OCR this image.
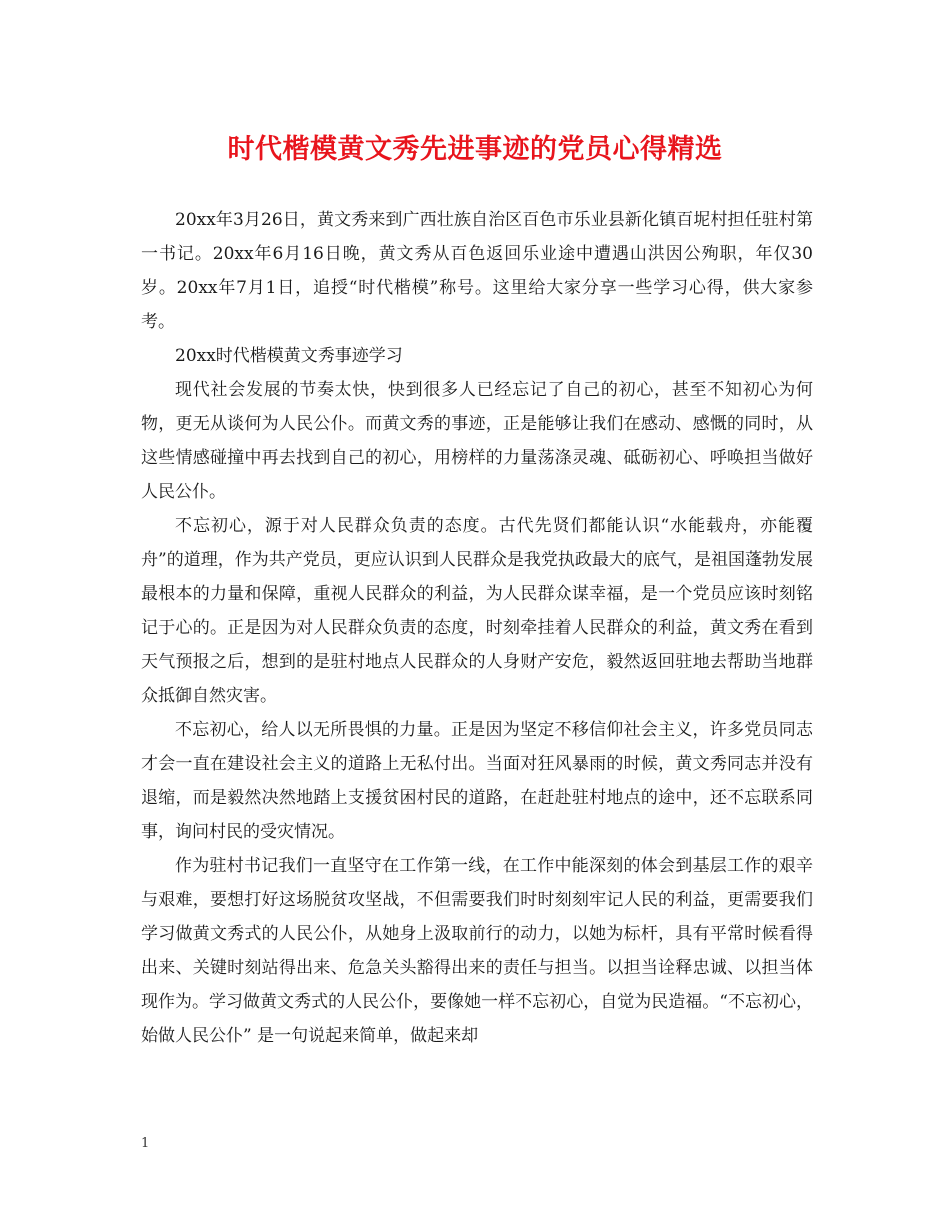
时代楷模黄文秀先进事迹的党员心得精选

20xx年3月26日，黄文秀来到广西壮族自治区百色市乐业县新化镇百坭村担任驻村第一书记。20xx年6月16日晚，黄文秀从百色返回乐业途中遭遇山洪因公殉职，年仅30岁。20xx年7月1日，追授“时代楷模”称号。这里给大家分享一些学习心得，供大家参考。

20xx时代楷模黄文秀事迹学习

现代社会发展的节奏太快，快到很多人已经忘记了自己的初心，甚至不知初心为何物，更无从谈何为人民公仆。而黄文秀的事迹，正是能够让我们在感动、感慨的同时，从这些情感碰撞中再去找到自己的初心，用榜样的力量荡涤灵魂、砥砺初心、呼唤担当做好人民公仆。

不忘初心，源于对人民群众负责的态度。古代先贤们都能认识“水能载舟，亦能覆舟”的道理，作为共产党员，更应认识到人民群众是我党执政最大的底气，是祖国蓬勃发展最根本的力量和保障，重视人民群众的利益，为人民群众谋幸福，是一个党员应该时刻铭记于心的。正是因为对人民群众负责的态度，时刻牵挂着人民群众的利益，黄文秀在看到天气预报之后，想到的是驻村地点人民群众的人身财产安危，毅然返回驻地去帮助当地群众抵御自然灾害。

不忘初心，给人以无所畏惧的力量。正是因为坚定不移信仰社会主义，许多党员同志才会一直在建设社会主义的道路上无私付出。当面对狂风暴雨的时候，黄文秀同志并没有退缩，而是毅然决然地踏上支援贫困村民的道路，在赶赴驻村地点的途中，还不忘联系同事，询问村民的受灾情况。

作为驻村书记我们一直坚守在工作第一线，在工作中能深刻的体会到基层工作的艰辛与艰难，要想打好这场脱贫攻坚战，不但需要我们时时刻刻牢记人民的利益，更需要我们学习做黄文秀式的人民公仆，从她身上汲取前行的动力，以她为标杆，具有平常时候看得出来、关键时刻站得出来、危急关头豁得出来的责任与担当。以担当诠释忠诚、以担当体现作为。学习做黄文秀式的人民公仆，要像她一样不忘初心，自觉为民造福。“不忘初心，始做人民公仆” 是一句说起来简单，做起来却

1
